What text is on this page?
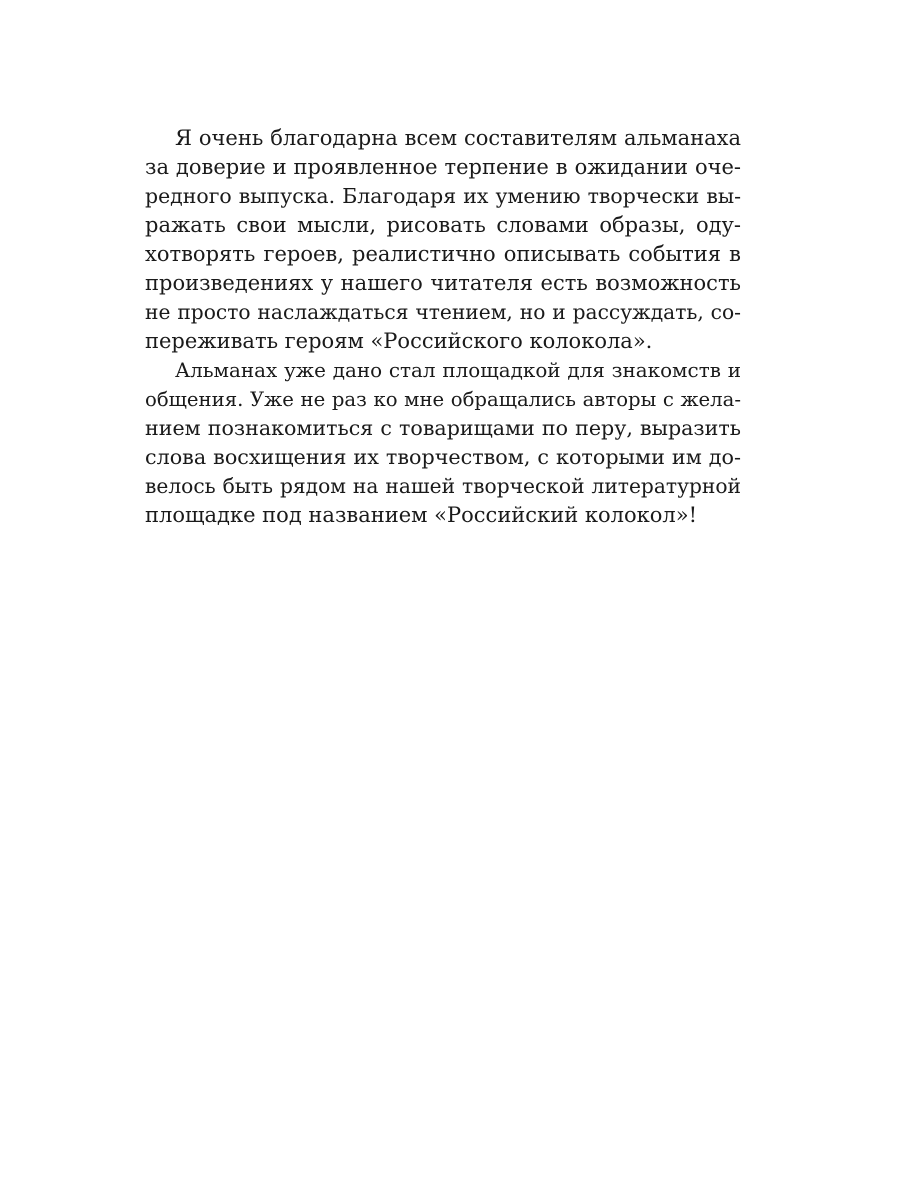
Я очень благодарна всем составителям альманаха
за доверие и проявленное терпение в ожидании оче-
редного выпуска. Благодаря их умению творчески вы-
ражать свои мысли, рисовать словами образы, оду-
хотворять героев, реалистично описывать события в
произведениях у нашего читателя есть возможность
не просто наслаждаться чтением, но и рассуждать, со-
переживать героям «Российского колокола».

Альманах уже дано стал площадкой для знакомств и
общения. Уже не раз ко мне обращались авторы с жела-
нием познакомиться с товарищами по перу, выразить
слова восхищения их творчеством, с которыми им до-
велось быть рядом на нашей творческой литературной
площадке под названием «Российский колокол»!
